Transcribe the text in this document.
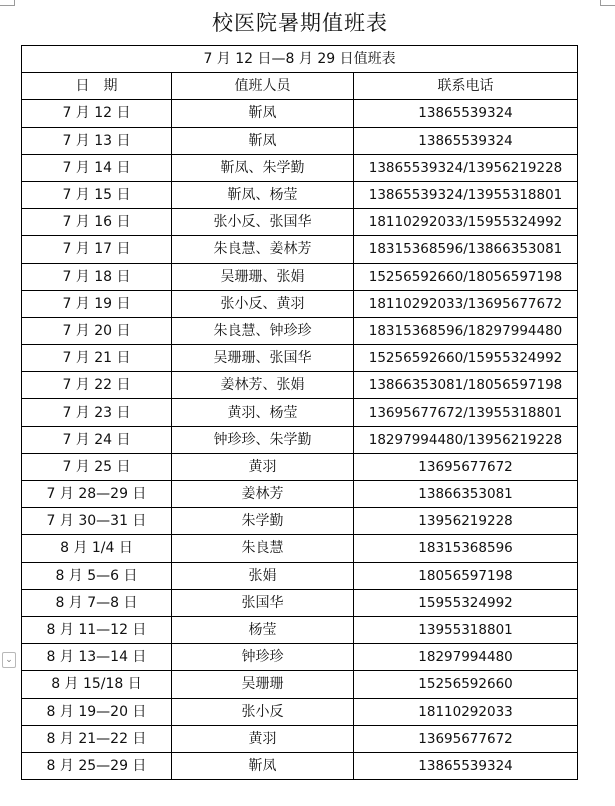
校医院暑期值班表
⌄
7 月 12 日—8 月 29 日值班表		
日　期	值班人员	联系电话
7 月 12 日	靳凤	13865539324
7 月 13 日	靳凤	13865539324
7 月 14 日	靳凤、朱学勤	13865539324/13956219228
7 月 15 日	靳凤、杨莹	13865539324/13955318801
7 月 16 日	张小反、张国华	18110292033/15955324992
7 月 17 日	朱良慧、姜林芳	18315368596/13866353081
7 月 18 日	吴珊珊、张娟	15256592660/18056597198
7 月 19 日	张小反、黄羽	18110292033/13695677672
7 月 20 日	朱良慧、钟珍珍	18315368596/18297994480
7 月 21 日	吴珊珊、张国华	15256592660/15955324992
7 月 22 日	姜林芳、张娟	13866353081/18056597198
7 月 23 日	黄羽、杨莹	13695677672/13955318801
7 月 24 日	钟珍珍、朱学勤	18297994480/13956219228
7 月 25 日	黄羽	13695677672
7 月 28—29 日	姜林芳	13866353081
7 月 30—31 日	朱学勤	13956219228
8 月 1/4 日	朱良慧	18315368596
8 月 5—6 日	张娟	18056597198
8 月 7—8 日	张国华	15955324992
8 月 11—12 日	杨莹	13955318801
8 月 13—14 日	钟珍珍	18297994480
8 月 15/18 日	吴珊珊	15256592660
8 月 19—20 日	张小反	18110292033
8 月 21—22 日	黄羽	13695677672
8 月 25—29 日	靳凤	13865539324
